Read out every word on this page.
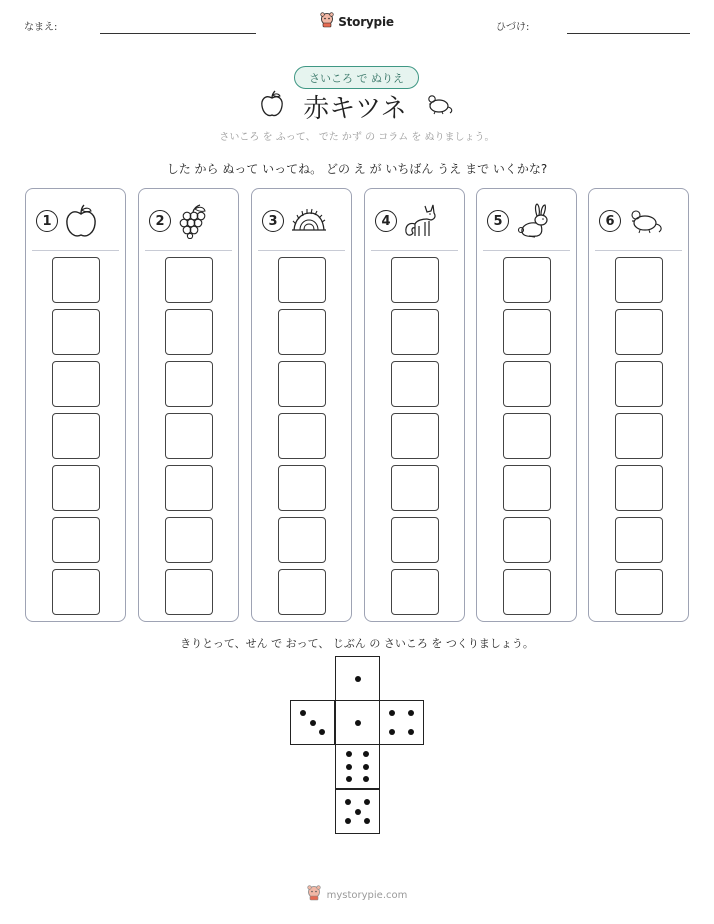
なまえ:	Storypie	ひづけ:
さいころ で ぬりえ
赤キツネ
さいころ を ふって、 でた かず の コラム を ぬりましょう。
した から ぬって いってね。 どの え が いちばん うえ まで いくかな?
1	2	3	4	5	6
きりとって、せん で おって、 じぶん の さいころ を つくりましょう。
mystorypie.com
